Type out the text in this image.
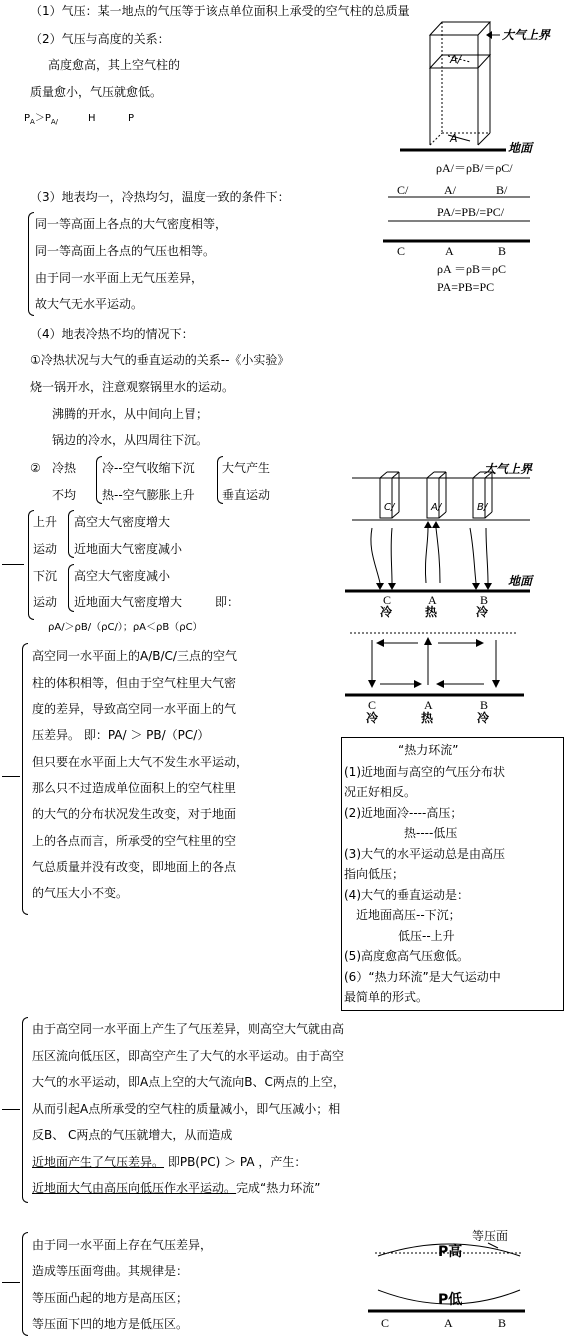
（1）气压：某一地点的气压等于该点单位面积上承受的空气柱的总质量
（2）气压与高度的关系：
高度愈高，其上空气柱的
质量愈小，气压就愈低。
$P_A>P_{A/}$	H	P
大气上界
A/
A
地面
ρA/＝ρB/＝ρC/
C/	A/	B/
PA/=PB/=PC/
C	A	B
ρA ＝ρB＝ρC
PA=PB=PC
（3）地表均一，冷热均匀，温度一致的条件下：
同一等高面上各点的大气密度相等，
同一等高面上各点的气压也相等。
由于同一水平面上无气压差异，
故大气无水平运动。
（4）地表冷热不均的情况下：
①冷热状况与大气的垂直运动的关系--《小实验》
烧一锅开水，注意观察锅里水的运动。
沸腾的开水，从中间向上冒；
锅边的冷水，从四周往下沉。
② 冷热
不均
冷--空气收缩下沉
热--空气膨胀上升
大气产生
垂直运动
上升
运动
高空大气密度增大
近地面大气密度减小
下沉
运动
高空大气密度减小
近地面大气密度增大	即：
ρA/＞ρB/（ρC/）；ρA＜ρB（ρC）
大气上界
C/	A/	B/
地面
C	A	B
冷	热	冷
C	A	B
冷	热	冷
高空同一水平面上的A/B/C/三点的空气
柱的体积相等，但由于空气柱里大气密
度的差异，导致高空同一水平面上的气
压差异。 即：PA/ ＞ PB/（PC/）
但只要在水平面上大气不发生水平运动，
那么只不过造成单位面积上的空气柱里
的大气的分布状况发生改变，对于地面
上的各点而言，所承受的空气柱里的空
气总质量并没有改变，即地面上的各点
的气压大小不变。
“热力环流”
(1)近地面与高空的气压分布状
况正好相反。
(2)近地面冷----高压；
热----低压
(3)大气的水平运动总是由高压
指向低压；
(4)大气的垂直运动是：
近地面高压--下沉；
低压--上升
(5)高度愈高气压愈低。
(6）“热力环流”是大气运动中
最简单的形式。
由于高空同一水平面上产生了气压差异，则高空大气就由高
压区流向低压区，即高空产生了大气的水平运动。由于高空
大气的水平运动，即A点上空的大气流向B、C两点的上空，
从而引起A点所承受的空气柱的质量减小，即气压减小；相
反B、 C两点的气压就增大，从而造成
近地面产生了气压差异。 即PB(PC) ＞ PA ，产生：
近地面大气由高压向低压作水平运动。完成“热力环流”
由于同一水平面上存在气压差异，
造成等压面弯曲。其规律是：
等压面凸起的地方是高压区；
等压面下凹的地方是低压区。
等压面
P高
P低
C	A	B
